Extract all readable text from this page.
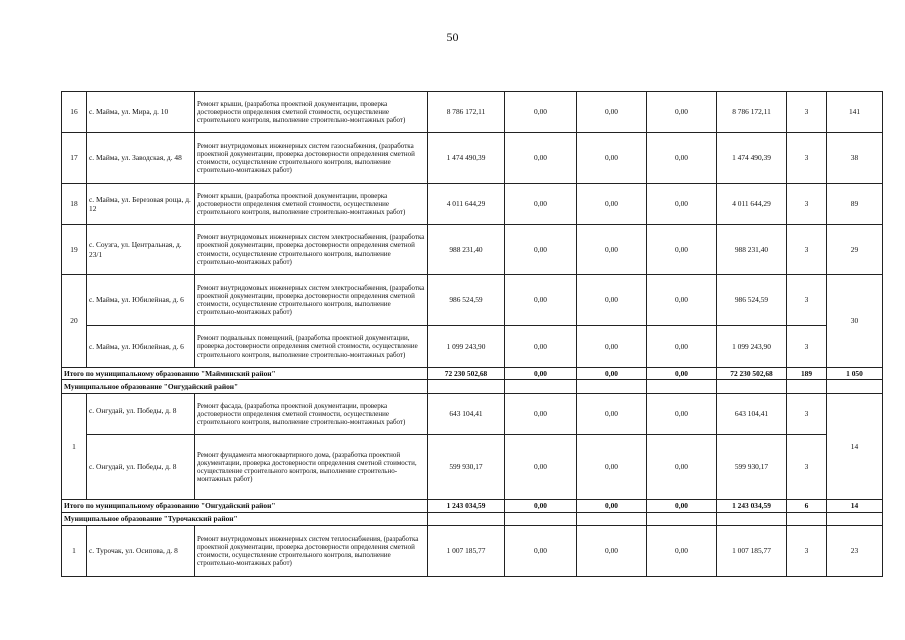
50
16	с. Майма, ул. Мира, д. 10	Ремонт крыши, (разработка проектной документации, проверка достоверности определения сметной стоимости, осуществление строительного контроля, выполнение строительно-монтажных работ)	8 786 172,11	0,00	0,00	0,00	8 786 172,11	3	141
17	с. Майма, ул. Заводская, д. 48	Ремонт внутридомовых инженерных систем газоснабжения, (разработка проектной документации, проверка достоверности определения сметной стоимости, осуществление строительного контроля, выполнение строительно-монтажных работ)	1 474 490,39	0,00	0,00	0,00	1 474 490,39	3	38
18	с. Майма, ул. Березовая роща, д. 12	Ремонт крыши, (разработка проектной документации, проверка достоверности определения сметной стоимости, осуществление строительного контроля, выполнение строительно-монтажных работ)	4 011 644,29	0,00	0,00	0,00	4 011 644,29	3	89
19	с. Соузга, ул. Центральная, д. 23/1	Ремонт внутридомовых инженерных систем электроснабжения, (разработка проектной документации, проверка достоверности определения сметной стоимости, осуществление строительного контроля, выполнение строительно-монтажных работ)	988 231,40	0,00	0,00	0,00	988 231,40	3	29
20	с. Майма, ул. Юбилейная, д. 6	Ремонт внутридомовых инженерных систем электроснабжения, (разработка проектной документации, проверка достоверности определения сметной стоимости, осуществление строительного контроля, выполнение строительно-монтажных работ)	986 524,59	0,00	0,00	0,00	986 524,59	3	30
	с. Майма, ул. Юбилейная, д. 6	Ремонт подвальных помещений, (разработка проектной документации, проверка достоверности определения сметной стоимости, осуществление строительного контроля, выполнение строительно-монтажных работ)	1 099 243,90	0,00	0,00	0,00	1 099 243,90	3	
Итого по муниципальному образованию "Майминский район"			72 230 502,68	0,00	0,00	0,00	72 230 502,68	189	1 050
Муниципальное образование "Онгудайский район"									
1	с. Онгудай, ул. Победы, д. 8	Ремонт фасада, (разработка проектной документации, проверка достоверности определения сметной стоимости, осуществление строительного контроля, выполнение строительно-монтажных работ)	643 104,41	0,00	0,00	0,00	643 104,41	3	14
	с. Онгудай, ул. Победы, д. 8	Ремонт фундамента многоквартирного дома, (разработка проектной документации, проверка достоверности определения сметной стоимости, осуществление строительного контроля, выполнение строительно-монтажных работ)	599 930,17	0,00	0,00	0,00	599 930,17	3	
Итого по муниципальному образованию "Онгудайский район"			1 243 034,59	0,00	0,00	0,00	1 243 034,59	6	14
Муниципальное образование "Турочакский район"									
1	с. Турочак, ул. Осипова, д. 8	Ремонт внутридомовых инженерных систем теплоснабжения, (разработка проектной документации, проверка достоверности определения сметной стоимости, осуществление строительного контроля, выполнение строительно-монтажных работ)	1 007 185,77	0,00	0,00	0,00	1 007 185,77	3	23
